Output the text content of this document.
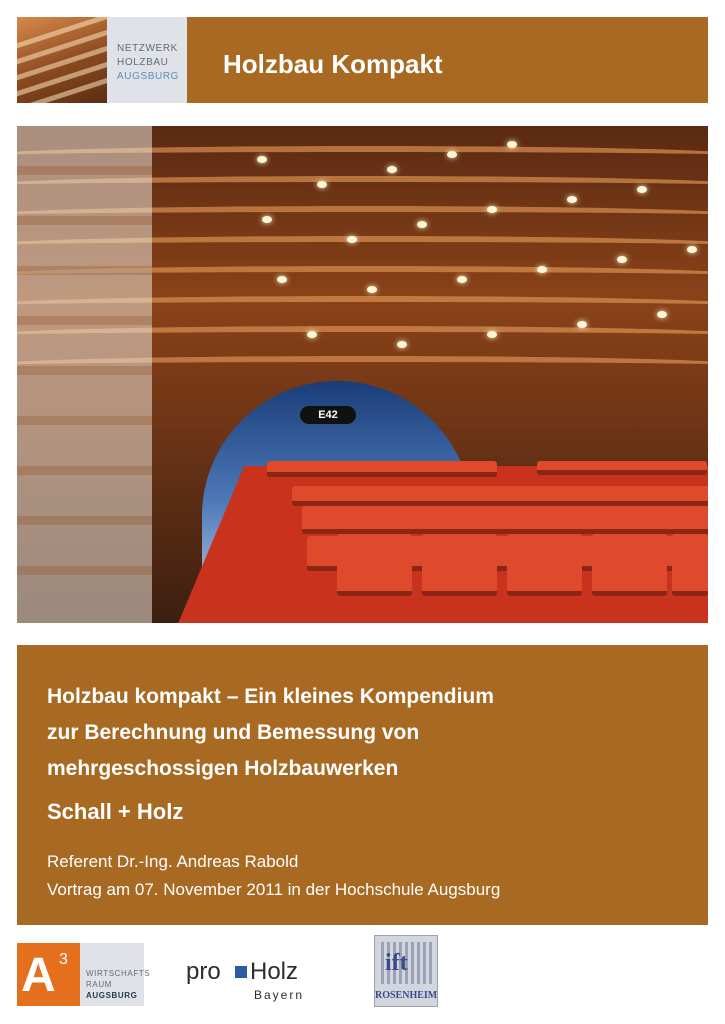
NETZWERK
HOLZBAU
AUGSBURG Holzbau Kompakt
E42
Holzbau kompakt – Ein kleines Kompendium
zur Berechnung und Bemessung von
mehrgeschossigen Holzbauwerken
Schall + Holz
Referent Dr.-Ing. Andreas Rabold
Vortrag am 07. November 2011 in der Hochschule Augsburg
A 3
WIRTSCHAFTS
RAUM
AUGSBURG
pro Holz
Bayern
ift
ROSENHEIM
